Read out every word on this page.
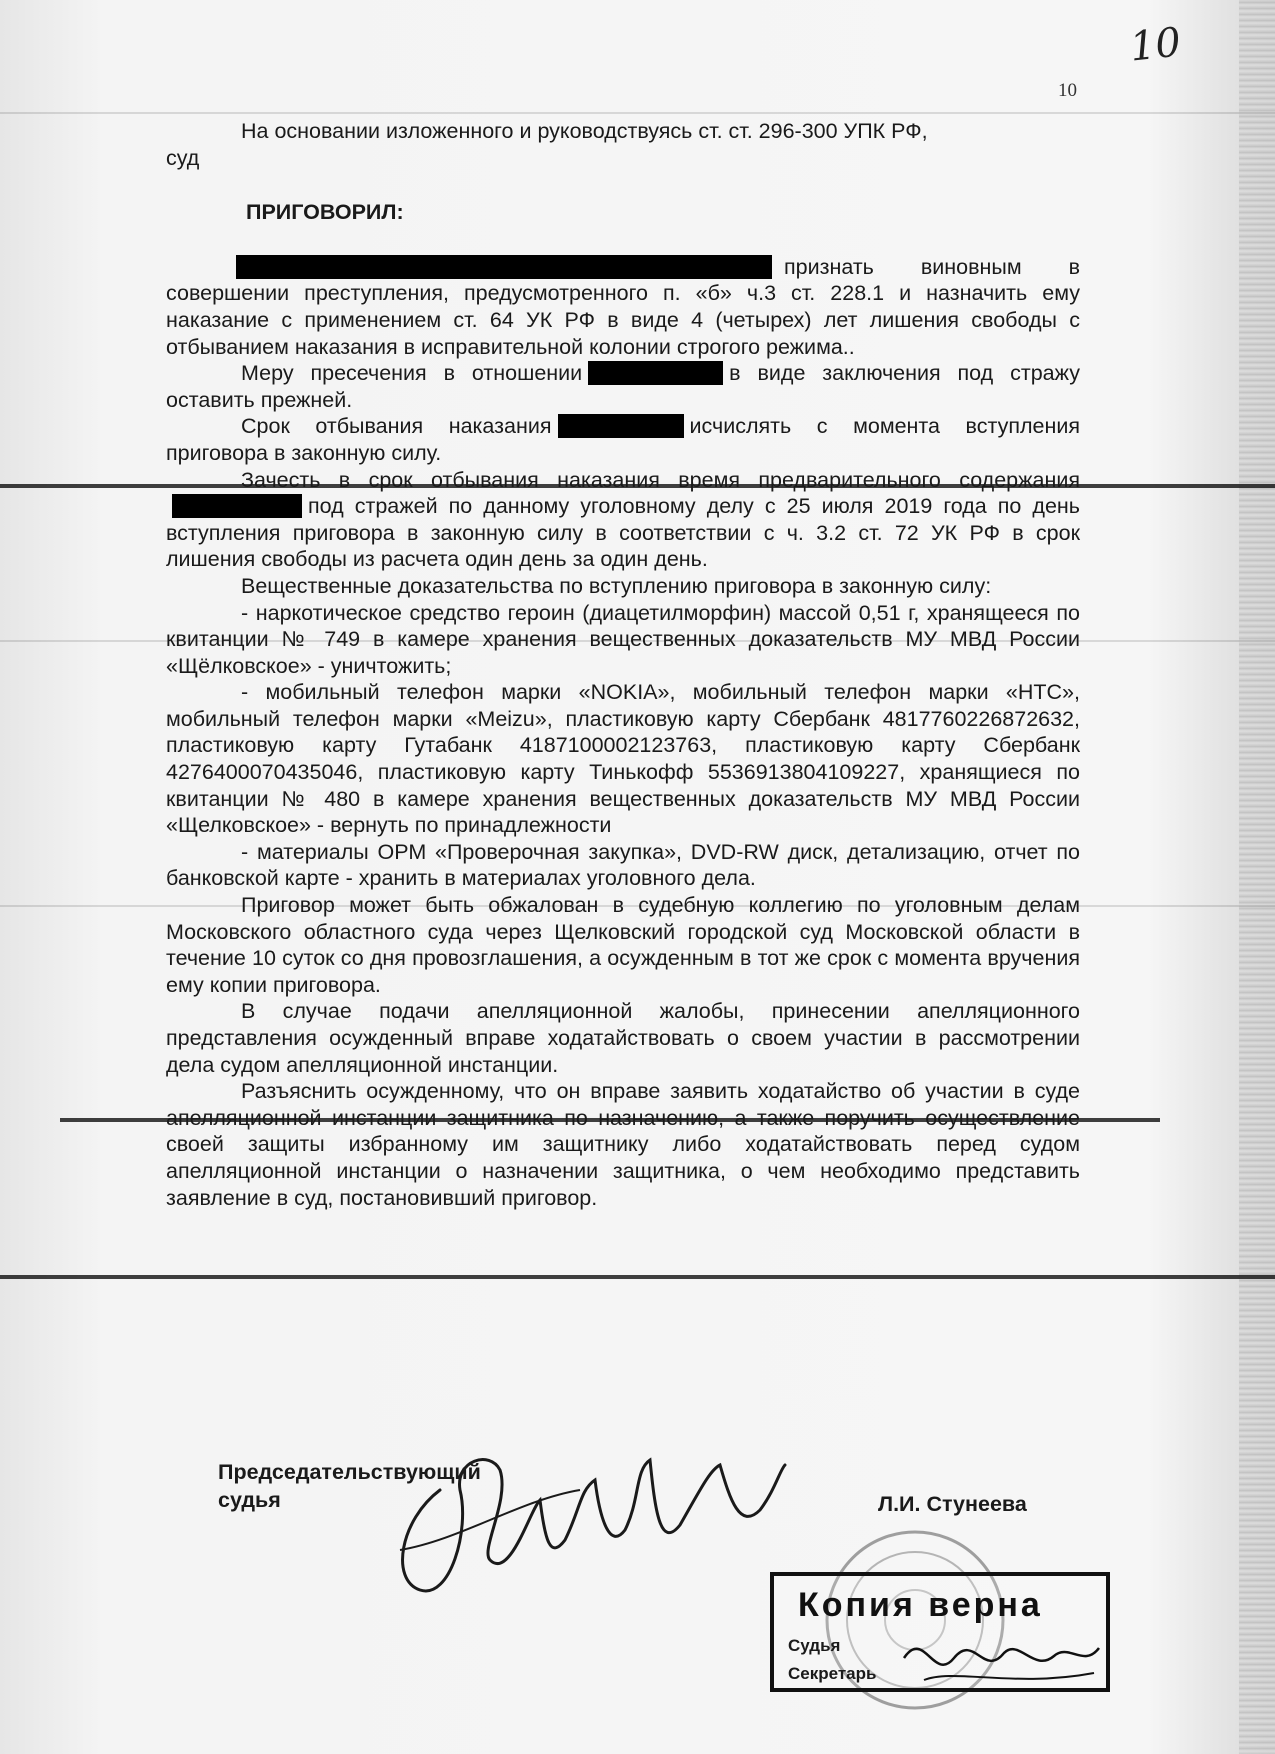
10
10

На основании изложенного и руководствуясь ст. ст. 296-300 УПК РФ,

суд

ПРИГОВОРИЛ:

признать виновным в совершении преступления, предусмотренного п. «б» ч.3 ст. 228.1 и назначить ему наказание с применением ст. 64 УК РФ в виде 4 (четырех) лет лишения свободы с отбыванием наказания в исправительной колонии строгого режима..

Меру пресечения в отношении	в виде заключения под стражу оставить прежней.

Срок отбывания наказания	исчислять с момента вступления приговора в законную силу.

Зачесть в срок отбывания наказания время предварительного содержанияпод стражей по данному уголовному делу с 25 июля 2019 года по день вступления приговора в законную силу в соответствии с ч. 3.2 ст. 72 УК РФ в срок лишения свободы из расчета один день за один день.

Вещественные доказательства по вступлению приговора в законную силу:

- наркотическое средство героин (диацетилморфин) массой 0,51 г, хранящееся по квитанции № 749 в камере хранения вещественных доказательств МУ МВД России «Щёлковское» - уничтожить;

- мобильный телефон марки «NOKIA», мобильный телефон марки «HTC», мобильный телефон марки «Meizu», пластиковую карту Сбербанк 4817760226872632, пластиковую карту Гутабанк 4187100002123763, пластиковую карту Сбербанк 4276400070435046, пластиковую карту Тинькофф 5536913804109227, хранящиеся по квитанции № 480 в камере хранения вещественных доказательств МУ МВД России «Щелковское» - вернуть по принадлежности

- материалы ОРМ «Проверочная закупка», DVD-RW диск, детализацию, отчет по банковской карте - хранить в материалах уголовного дела.

Приговор может быть обжалован в судебную коллегию по уголовным делам Московского областного суда через Щелковский городской суд Московской области в течение 10 суток со дня провозглашения, а осужденным в тот же срок с момента вручения ему копии приговора.

В случае подачи апелляционной жалобы, принесении апелляционного представления осужденный вправе ходатайствовать о своем участии в рассмотрении дела судом апелляционной инстанции.

Разъяснить осужденному, что он вправе заявить ходатайство об участии в суде апелляционной инстанции защитника по назначению, а также поручить осуществление своей защиты избранному им защитнику либо ходатайствовать перед судом апелляционной инстанции о назначении защитника, о чем необходимо представить заявление в суд, постановивший приговор.

Председательствующий
судья	Л.И. Стунеева
Копия верна
Судья
Секретарь
